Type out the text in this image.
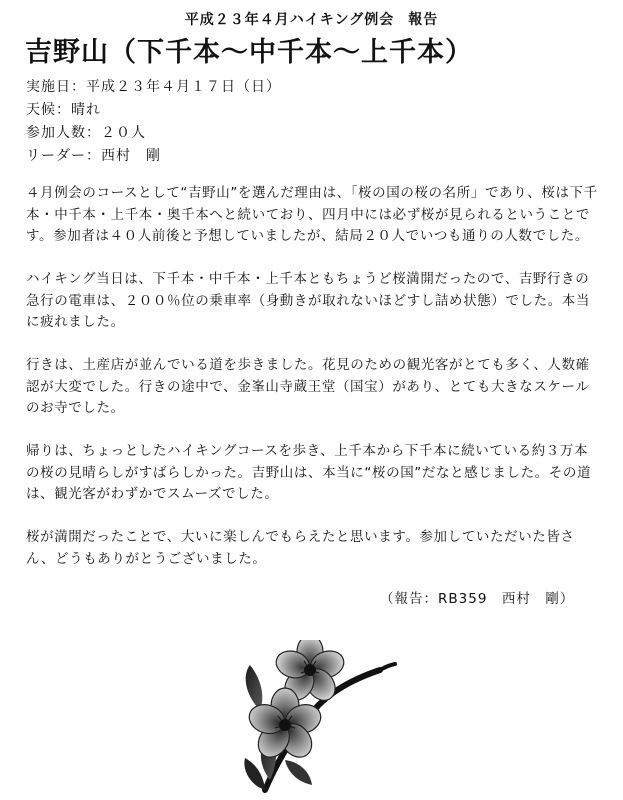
平成２３年４月ハイキング例会 報告
吉野山（下千本〜中千本〜上千本）
実施日：平成２３年４月１７日（日）
天候：晴れ
参加人数：２０人
リーダー：西村　剛

４月例会のコースとして“吉野山”を選んだ理由は、「桜の国の桜の名所」であり、桜は下千本・中千本・上千本・奥千本へと続いており、四月中には必ず桜が見られるということです。参加者は４０人前後と予想していましたが、結局２０人でいつも通りの人数でした。

ハイキング当日は、下千本・中千本・上千本ともちょうど桜満開だったので、吉野行きの急行の電車は、２００％位の乗車率（身動きが取れないほどすし詰め状態）でした。本当に疲れました。

行きは、土産店が並んでいる道を歩きました。花見のための観光客がとても多く、人数確認が大変でした。行きの途中で、金峯山寺蔵王堂（国宝）があり、とても大きなスケールのお寺でした。

帰りは、ちょっとしたハイキングコースを歩き、上千本から下千本に続いている約３万本の桜の見晴らしがすばらしかった。吉野山は、本当に“桜の国”だなと感じました。その道は、観光客がわずかでスムーズでした。

桜が満開だったことで、大いに楽しんでもらえたと思います。参加していただいた皆さん、どうもありがとうございました。

（報告：RB359　西村　剛）
